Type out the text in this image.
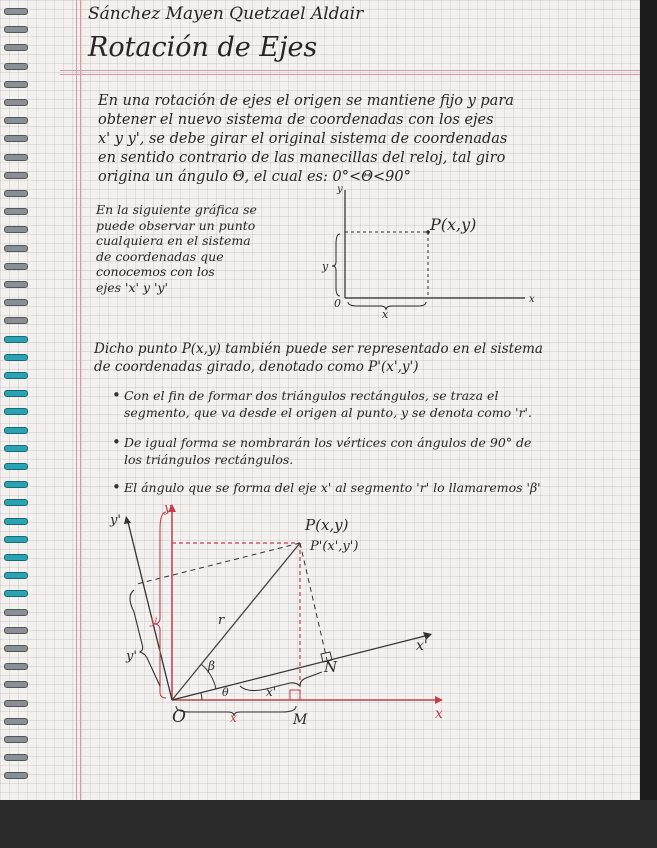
Sánchez Mayen Quetzael Aldair

Rotación de Ejes

En una rotación de ejes el origen se mantiene fijo y para
obtener el nuevo sistema de coordenadas con los ejes
x' y y', se debe girar el original sistema de coordenadas
en sentido contrario de las manecillas del reloj, tal giro
origina un ángulo Θ, el cual es: 0°<Θ<90°
En la siguiente gráfica se
puede observar un punto
cualquiera en el sistema
de coordenadas que
conocemos con los
ejes 'x' y 'y'
P(x,y)
y
x
0
x
y
Dicho punto P(x,y) también puede ser representado en el sistema
de coordenadas girado, denotado como P'(x',y')
• Con el fin de formar dos triángulos rectángulos, se traza el
segmento, que va desde el origen al punto, y se denota como 'r'.
• De igual forma se nombrarán los vértices con ángulos de 90° de
los triángulos rectángulos.
• El ángulo que se forma del eje x' al segmento 'r' lo llamaremos 'β'
O	M
N
P(x,y)
P'(x',y')
r
β
θ
x
x'
y
y'
x
x'
y
y'
